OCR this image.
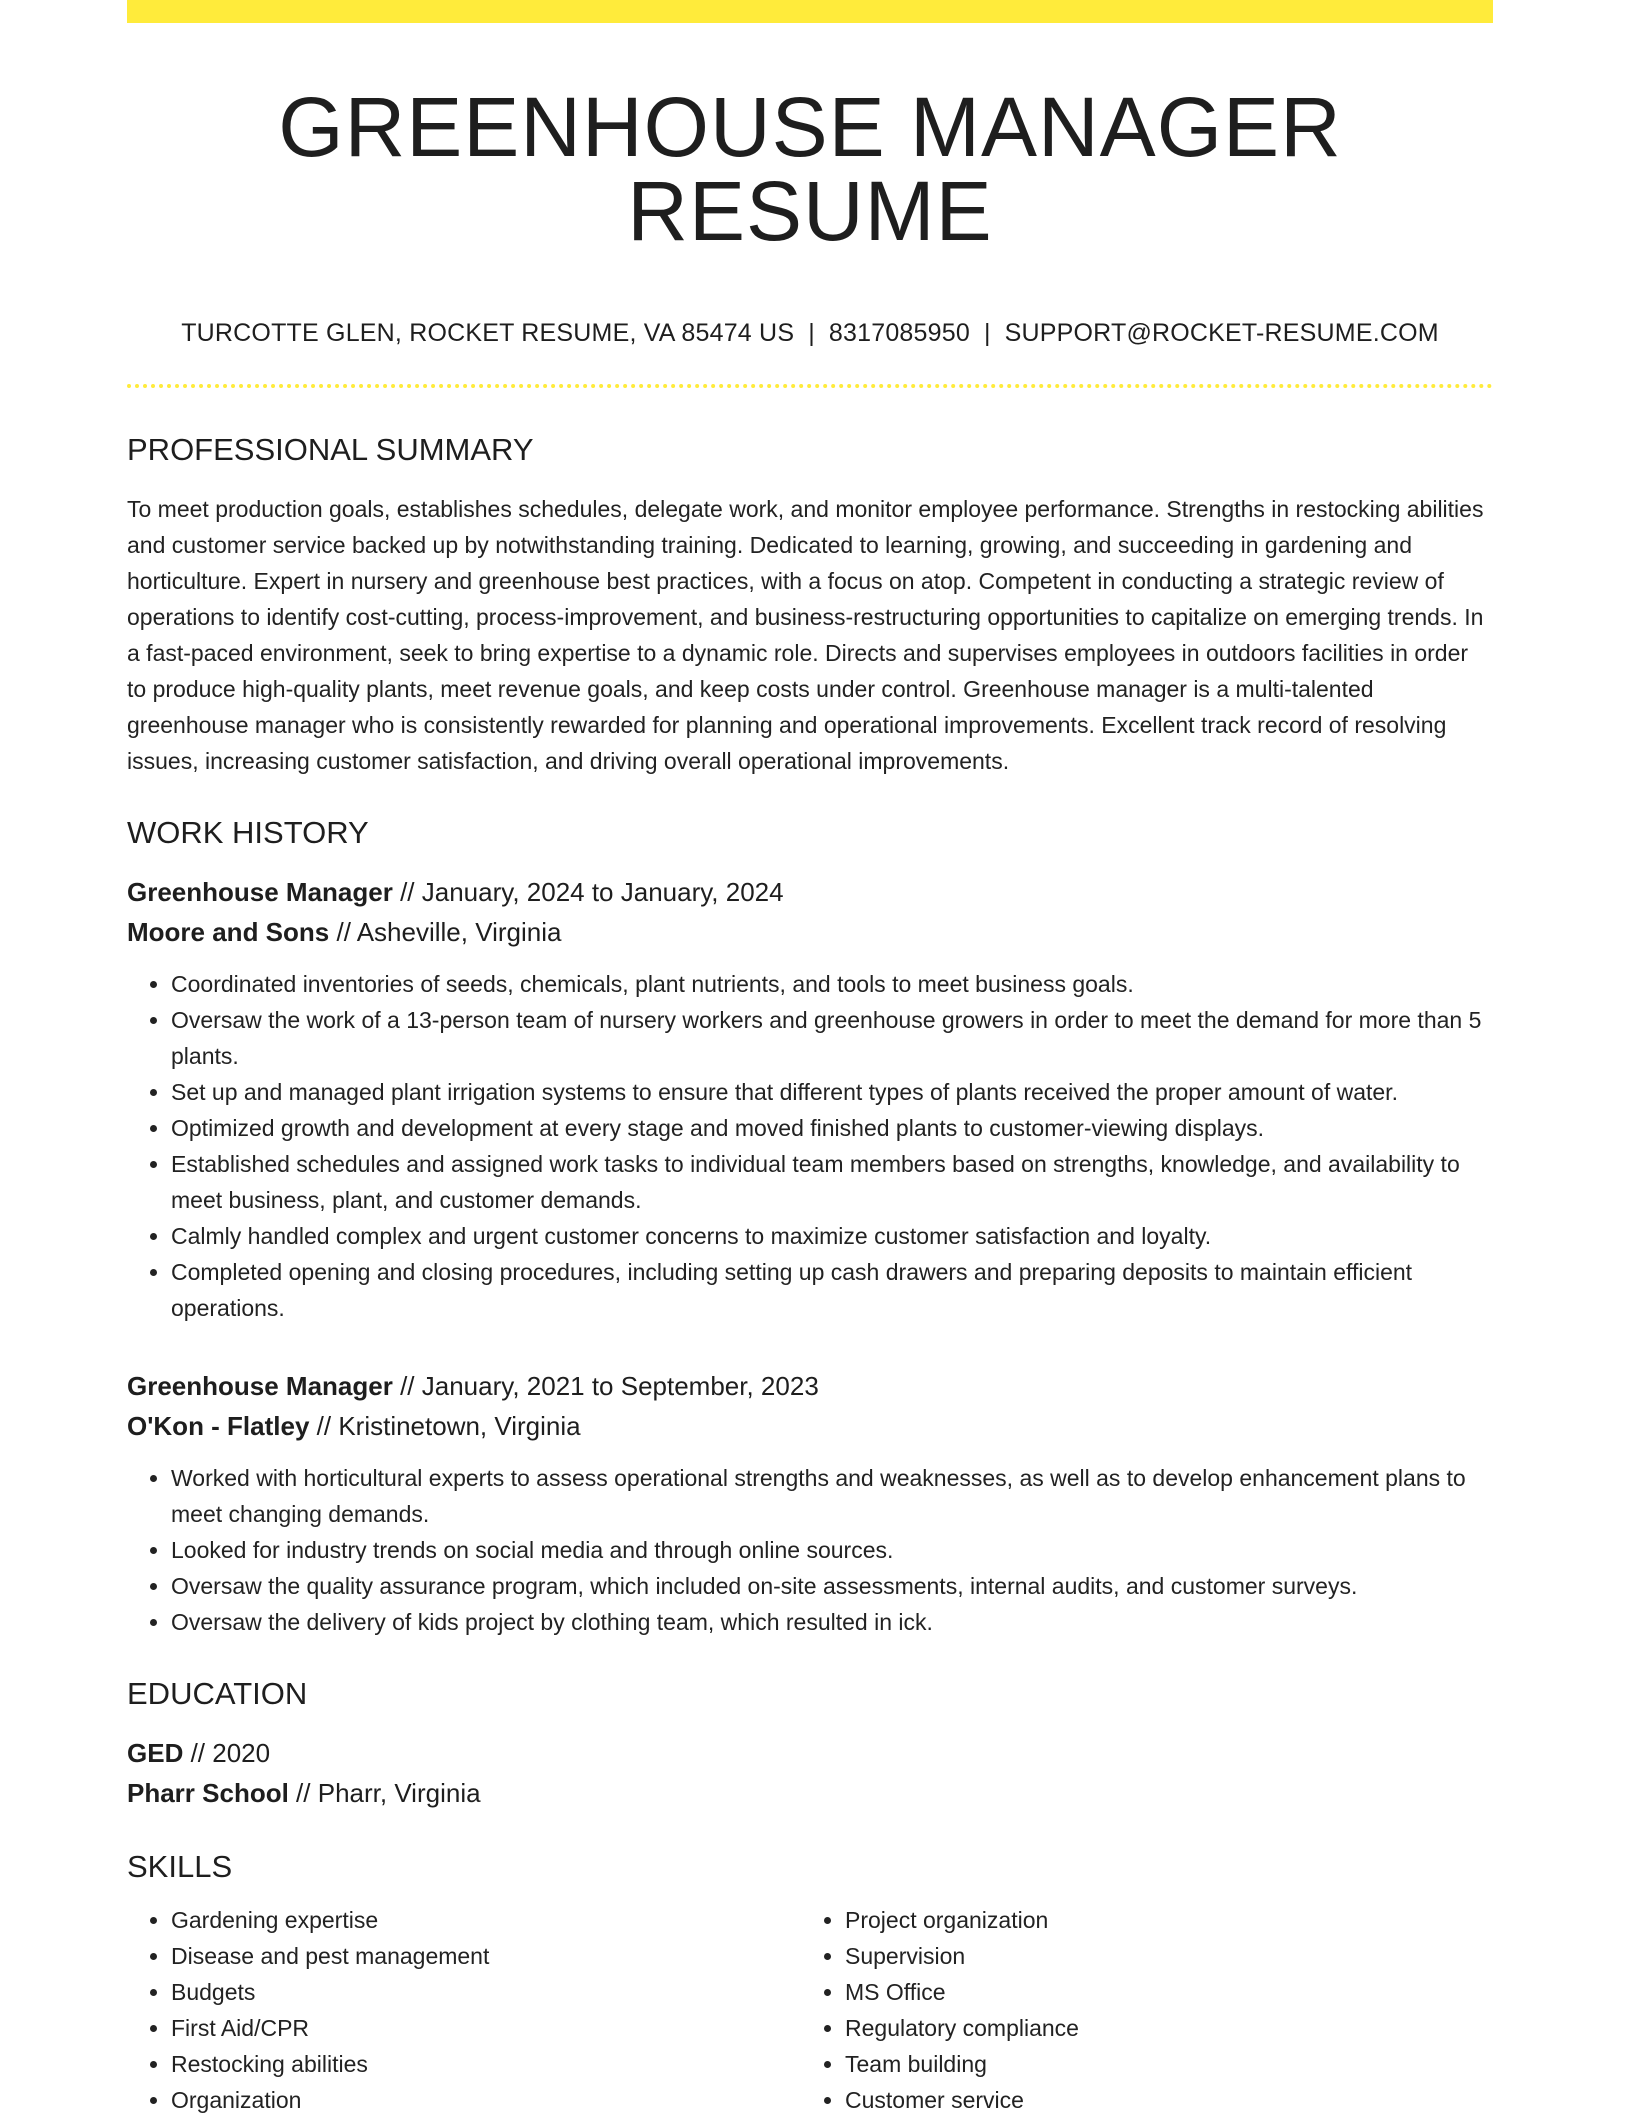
GREENHOUSE MANAGER RESUME
TURCOTTE GLEN, ROCKET RESUME, VA 85474 US | 8317085950 | SUPPORT@ROCKET-RESUME.COM
PROFESSIONAL SUMMARY

To meet production goals, establishes schedules, delegate work, and monitor employee performance. Strengths in restocking abilities and customer service backed up by notwithstanding training. Dedicated to learning, growing, and succeeding in gardening and horticulture. Expert in nursery and greenhouse best practices, with a focus on atop. Competent in conducting a strategic review of operations to identify cost-cutting, process-improvement, and business-restructuring opportunities to capitalize on emerging trends. In a fast-paced environment, seek to bring expertise to a dynamic role. Directs and supervises employees in outdoors facilities in order to produce high-quality plants, meet revenue goals, and keep costs under control. Greenhouse manager is a multi-talented greenhouse manager who is consistently rewarded for planning and operational improvements. Excellent track record of resolving issues, increasing customer satisfaction, and driving overall operational improvements.

WORK HISTORY
Greenhouse Manager // January, 2024 to January, 2024
Moore and Sons // Asheville, Virginia
• Coordinated inventories of seeds, chemicals, plant nutrients, and tools to meet business goals.
• Oversaw the work of a 13-person team of nursery workers and greenhouse growers in order to meet the demand for more than 5 plants.
• Set up and managed plant irrigation systems to ensure that different types of plants received the proper amount of water.
• Optimized growth and development at every stage and moved finished plants to customer-viewing displays.
• Established schedules and assigned work tasks to individual team members based on strengths, knowledge, and availability to meet business, plant, and customer demands.
• Calmly handled complex and urgent customer concerns to maximize customer satisfaction and loyalty.
• Completed opening and closing procedures, including setting up cash drawers and preparing deposits to maintain efficient operations.
Greenhouse Manager // January, 2021 to September, 2023
O'Kon - Flatley // Kristinetown, Virginia
• Worked with horticultural experts to assess operational strengths and weaknesses, as well as to develop enhancement plans to meet changing demands.
• Looked for industry trends on social media and through online sources.
• Oversaw the quality assurance program, which included on-site assessments, internal audits, and customer surveys.
• Oversaw the delivery of kids project by clothing team, which resulted in ick.
EDUCATION
GED // 2020
Pharr School // Pharr, Virginia
SKILLS
• Gardening expertise
• Disease and pest management
• Budgets
• First Aid/CPR
• Restocking abilities
• Organization
• Project organization
• Supervision
• MS Office
• Regulatory compliance
• Team building
• Customer service
